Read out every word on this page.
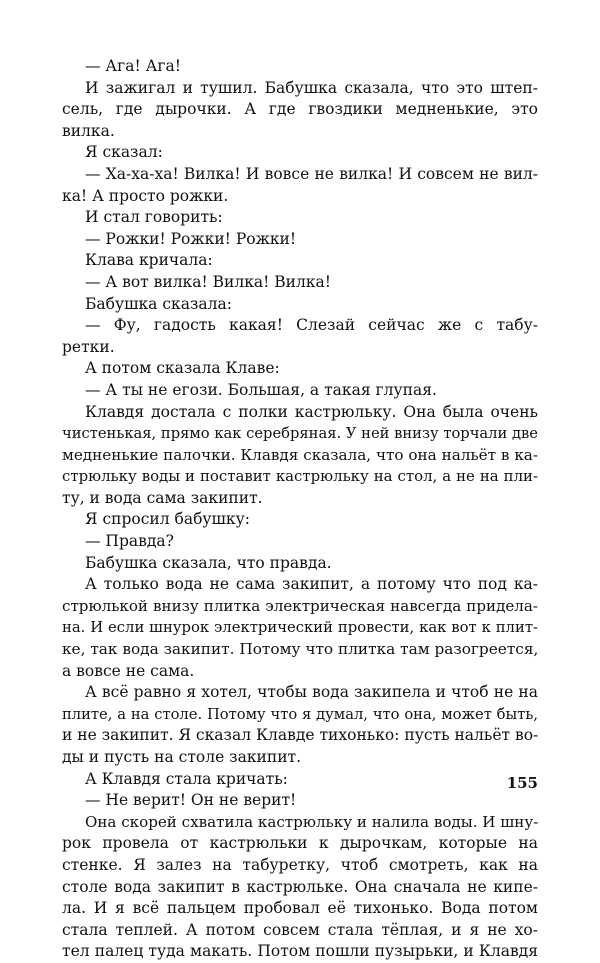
— Ага! Ага!

И зажигал и тушил. Бабушка сказала, что это штеп-

сель, где дырочки. А где гвоздики медненькие, это

вилка.

Я сказал:

— Ха-ха-ха! Вилка! И вовсе не вилка! И совсем не вил-

ка! А просто рожки.

И стал говорить:

— Рожки! Рожки! Рожки!

Клава кричала:

— А вот вилка! Вилка! Вилка!

Бабушка сказала:

— Фу, гадость какая! Слезай сейчас же с табу-

ретки.

А потом сказала Клаве:

— А ты не егози. Большая, а такая глупая.

Клавдя достала с полки кастрюльку. Она была очень

чистенькая, прямо как серебряная. У ней внизу торчали две

медненькие палочки. Клавдя сказала, что она нальёт в ка-

стрюльку воды и поставит кастрюльку на стол, а не на пли-

ту, и вода сама закипит.

Я спросил бабушку:

— Правда?

Бабушка сказала, что правда.

А только вода не сама закипит, а потому что под ка-

стрюлькой внизу плитка электрическая навсегда придела-

на. И если шнурок электрический провести, как вот к плит-

ке, так вода закипит. Потому что плитка там разогреется,

а вовсе не сама.

А всё равно я хотел, чтобы вода закипела и чтоб не на

плите, а на столе. Потому что я думал, что она, может быть,

и не закипит. Я сказал Клавде тихонько: пусть нальёт во-

ды и пусть на столе закипит.

А Клавдя стала кричать:

— Не верит! Он не верит!

Она скорей схватила кастрюльку и налила воды. И шну-

рок провела от кастрюльки к дырочкам, которые на

стенке. Я залез на табуретку, чтоб смотреть, как на

столе вода закипит в кастрюльке. Она сначала не кипе-

ла. И я всё пальцем пробовал её тихонько. Вода потом

стала теплей. А потом совсем стала тёплая, и я не хо-

тел палец туда макать. Потом пошли пузырьки, и Клавдя

155
